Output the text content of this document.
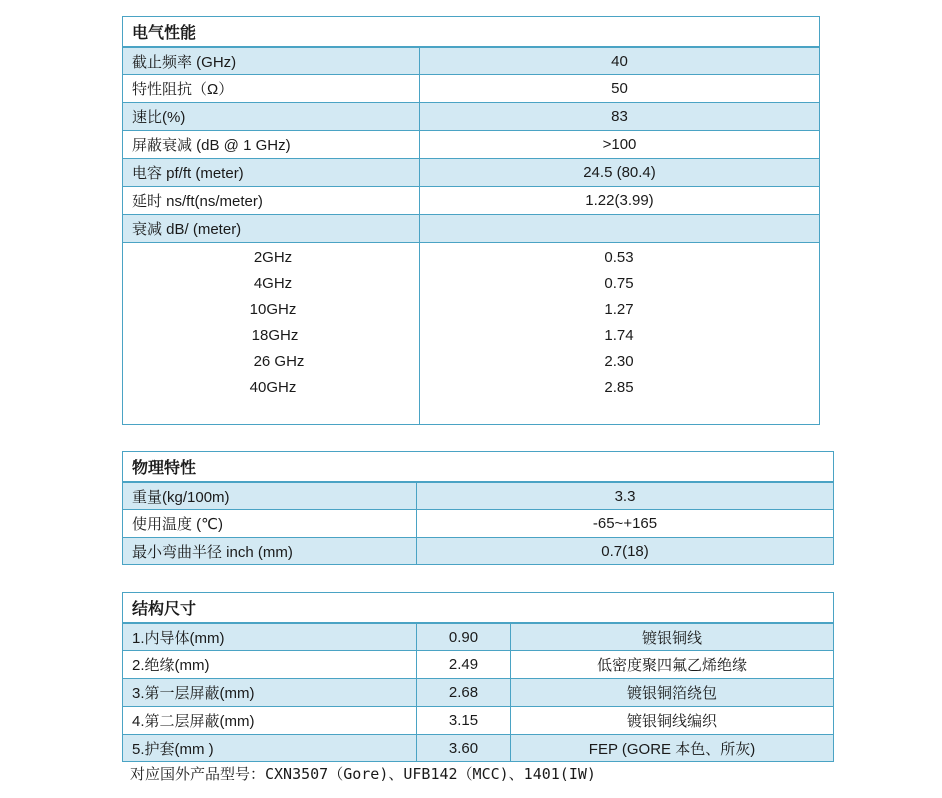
电气性能
截止频率 (GHz)	40
特性阻抗（Ω）	50
速比(%)	83
屏蔽衰减 (dB @ 1 GHz)	>100
电容 pf/ft (meter)	24.5 (80.4)
延时 ns/ft(ns/meter)	1.22(3.99)
衰减 dB/ (meter)
2GHz	0.53
4GHz	0.75
10GHz	1.27
18GHz	1.74
26 GHz	2.30
40GHz	2.85
物理特性
重量(kg/100m)	3.3
使用温度 (℃)	-65~+165
最小弯曲半径 inch (mm)	0.7(18)
结构尺寸
1.内导体(mm)	0.90	镀银铜线
2.绝缘(mm)	2.49	低密度聚四氟乙烯绝缘
3.第一层屏蔽(mm)	2.68	镀银铜箔绕包
4.第二层屏蔽(mm)	3.15	镀银铜线编织
5.护套(mm )	3.60	FEP (GORE 本色、所灰)
对应国外产品型号：CXN3507（Gore)、UFB142（MCC)、1401(IW)
